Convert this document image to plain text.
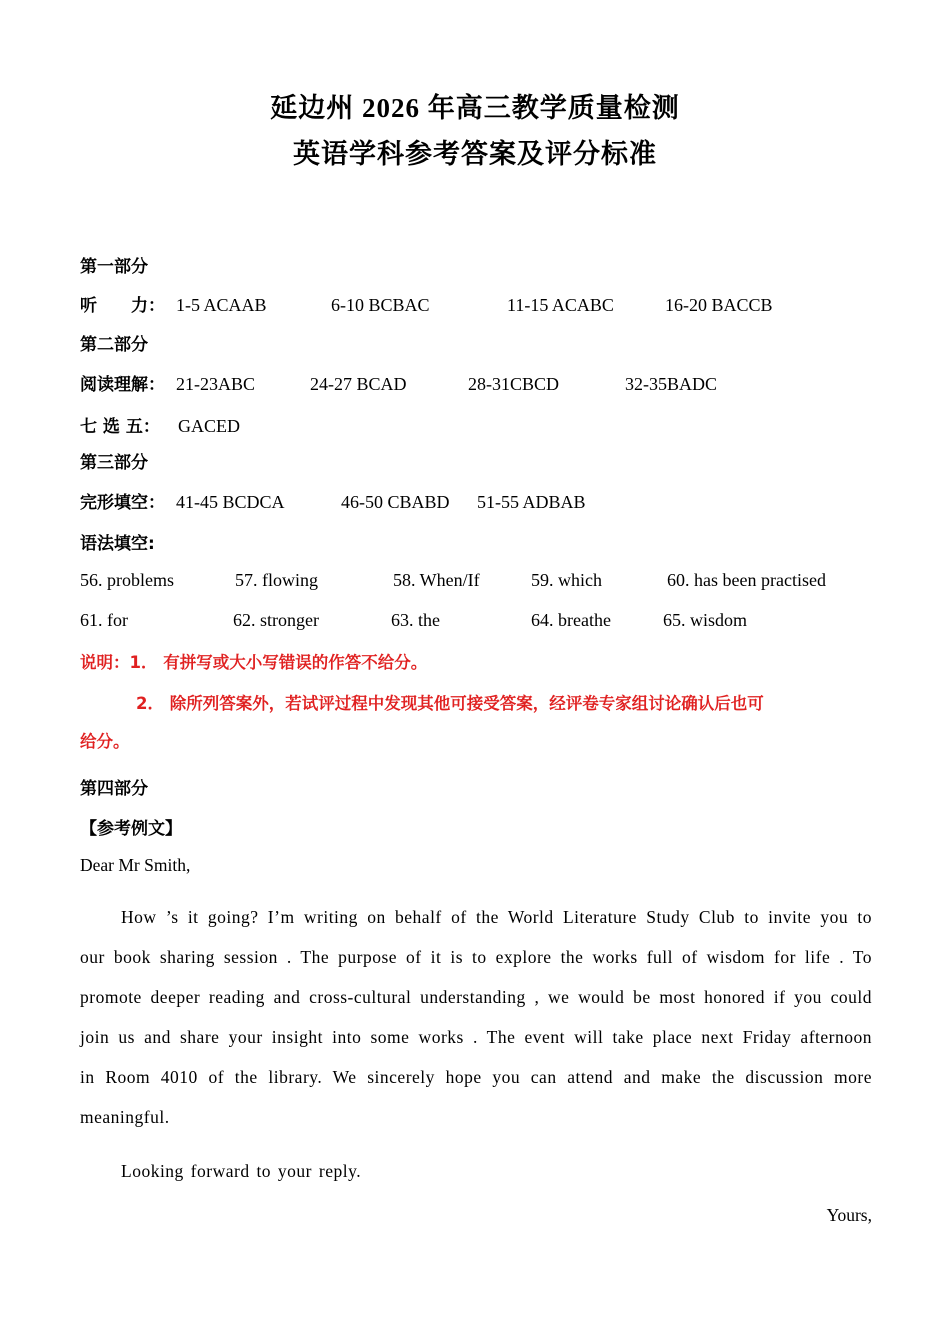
延边州 2026 年高三教学质量检测
英语学科参考答案及评分标准
第一部分
听　　力： 1-5 ACAAB	6-10 BCBAC	11-15 ACABC	16-20 BACCB
第二部分
阅读理解： 21-23ABC	24-27 BCAD	28-31CBCD	32-35BADC
七 选 五： GACED
第三部分
完形填空： 41-45 BCDCA	46-50 CBABD 51-55 ADBAB
语法填空:
56. problems	57. flowing	58. When/If	59. which	60. has been practised
61. for	62. stronger	63. the	64. breathe	65. wisdom
说明：1． 有拼写或大小写错误的作答不给分。
2． 除所列答案外，若试评过程中发现其他可接受答案，经评卷专家组讨论确认后也可
给分。
第四部分
【参考例文】
Dear Mr Smith,
How ’s it going? I’m writing on behalf of the World Literature Study Club to invite you to our book sharing session . The purpose of it is to explore the works full of wisdom for life . To promote deeper reading and cross-cultural understanding , we would be most honored if you could join us and share your insight into some works . The event will take place next Friday afternoon in Room 4010 of the library. We sincerely hope you can attend and make the discussion more meaningful.
Looking forward to your reply.
Yours,
